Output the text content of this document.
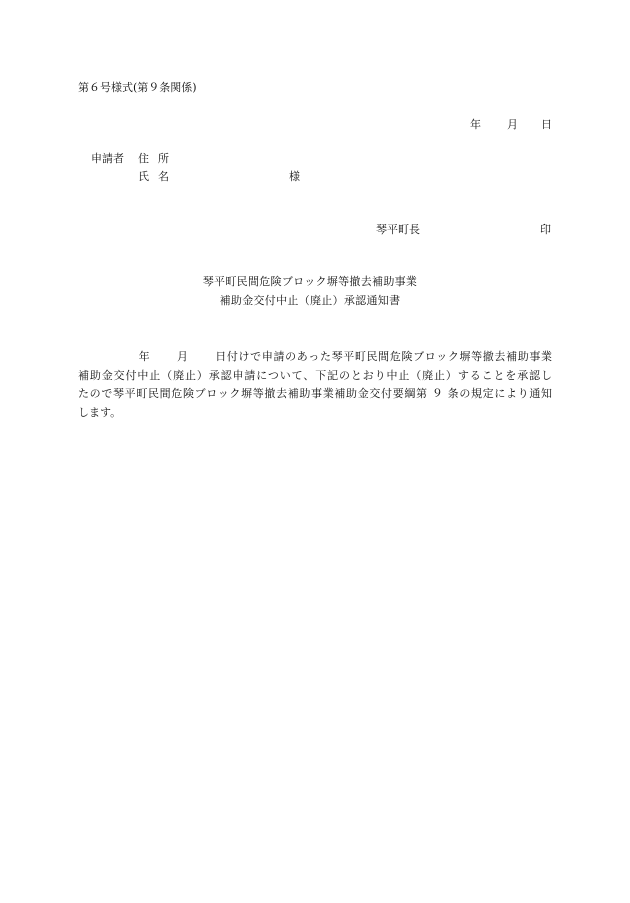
第６号様式(第９条関係)
年 月 日
申請者 住所
氏名	様
琴平町長	印
琴平町民間危険ブロック塀等撤去補助事業
補助金交付中止（廃止）承認通知書
年 月 日付けで申請のあった琴平町民間危険ブロック塀等撤去補助事業
補助金交付中止（廃止）承認申請について、下記のとおり中止（廃止）することを承認し
たので琴平町民間危険ブロック塀等撤去補助事業補助金交付要綱第 ９ 条の規定により通知
します。
